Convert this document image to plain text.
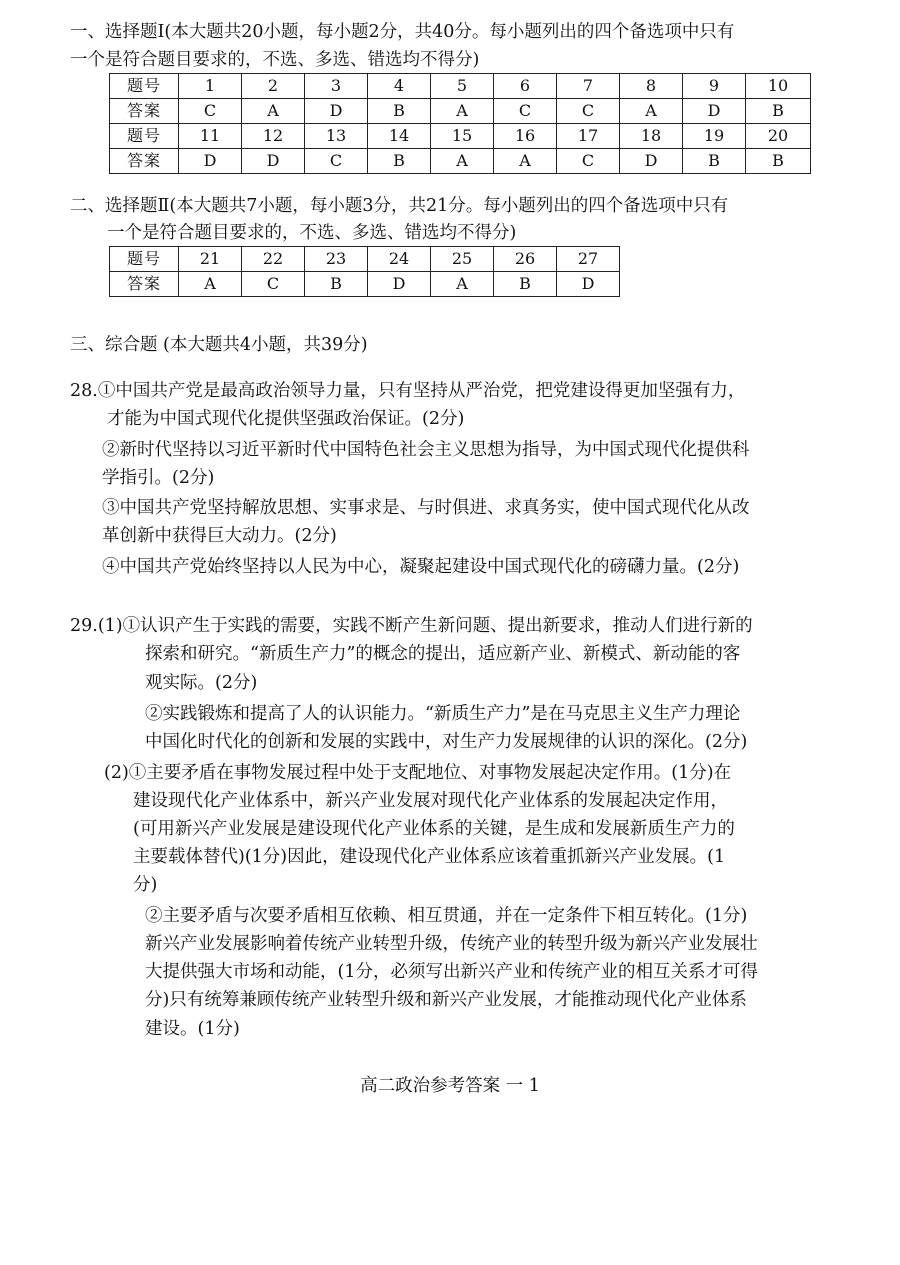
一、选择题Ⅰ(本大题共20小题，每小题2分，共40分。每小题列出的四个备选项中只有
一个是符合题目要求的，不选、多选、错选均不得分)
题号	1	2	3	4	5	6	7	8	9	10
答案	C	A	D	B	A	C	C	A	D	B
题号	11	12	13	14	15	16	17	18	19	20
答案	D	D	C	B	A	A	C	D	B	B
二、选择题Ⅱ(本大题共7小题，每小题3分，共21分。每小题列出的四个备选项中只有
一个是符合题目要求的，不选、多选、错选均不得分)
题号	21	22	23	24	25	26	27
答案	A	C	B	D	A	B	D
三、综合题 (本大题共4小题，共39分)
28.①中国共产党是最高政治领导力量，只有坚持从严治党，把党建设得更加坚强有力，
才能为中国式现代化提供坚强政治保证。(2分)
②新时代坚持以习近平新时代中国特色社会主义思想为指导，为中国式现代化提供科
学指引。(2分)
③中国共产党坚持解放思想、实事求是、与时俱进、求真务实，使中国式现代化从改
革创新中获得巨大动力。(2分)
④中国共产党始终坚持以人民为中心，凝聚起建设中国式现代化的磅礴力量。(2分)
29.(1)①认识产生于实践的需要，实践不断产生新问题、提出新要求，推动人们进行新的
探索和研究。“新质生产力”的概念的提出，适应新产业、新模式、新动能的客
观实际。(2分)
②实践锻炼和提高了人的认识能力。“新质生产力”是在马克思主义生产力理论
中国化时代化的创新和发展的实践中，对生产力发展规律的认识的深化。(2分)
(2)①主要矛盾在事物发展过程中处于支配地位、对事物发展起决定作用。(1分)在
建设现代化产业体系中，新兴产业发展对现代化产业体系的发展起决定作用，
(可用新兴产业发展是建设现代化产业体系的关键，是生成和发展新质生产力的
主要载体替代)(1分)因此，建设现代化产业体系应该着重抓新兴产业发展。(1
分)
②主要矛盾与次要矛盾相互依赖、相互贯通，并在一定条件下相互转化。(1分)
新兴产业发展影响着传统产业转型升级，传统产业的转型升级为新兴产业发展壮
大提供强大市场和动能，(1分，必须写出新兴产业和传统产业的相互关系才可得
分)只有统筹兼顾传统产业转型升级和新兴产业发展，才能推动现代化产业体系
建设。(1分)
高二政治参考答案 一 1
